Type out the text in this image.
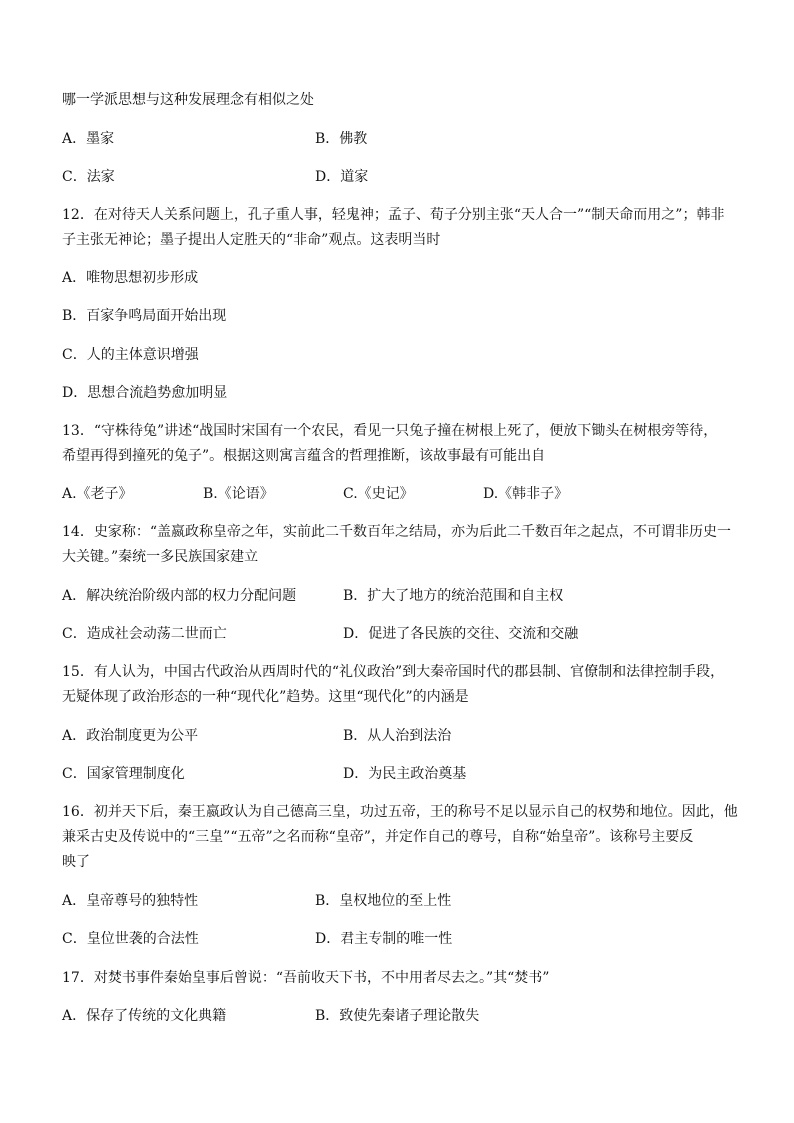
哪一学派思想与这种发展理念有相似之处
A．墨家	B．佛教
C．法家	D．道家
12．在对待天人关系问题上，孔子重人事，轻鬼神；孟子、荀子分别主张“天人合一”“制天命而用之”；韩非
子主张无神论；墨子提出人定胜天的“非命”观点。这表明当时
A．唯物思想初步形成
B．百家争鸣局面开始出现
C．人的主体意识增强
D．思想合流趋势愈加明显
13．“守株待兔”讲述“战国时宋国有一个农民，看见一只兔子撞在树根上死了，便放下锄头在树根旁等待，
希望再得到撞死的兔子”。根据这则寓言蕴含的哲理推断，该故事最有可能出自
A.《老子》	B.《论语》	C.《史记》	D.《韩非子》
14．史家称：“盖嬴政称皇帝之年，实前此二千数百年之结局，亦为后此二千数百年之起点，不可谓非历史一
大关键。”秦统一多民族国家建立
A．解决统治阶级内部的权力分配问题	B．扩大了地方的统治范围和自主权
C．造成社会动荡二世而亡	D．促进了各民族的交往、交流和交融
15．有人认为，中国古代政治从西周时代的“礼仪政治”到大秦帝国时代的郡县制、官僚制和法律控制手段，
无疑体现了政治形态的一种“现代化”趋势。这里“现代化”的内涵是
A．政治制度更为公平	B．从人治到法治
C．国家管理制度化	D．为民主政治奠基
16．初并天下后，秦王嬴政认为自己德高三皇，功过五帝，王的称号不足以显示自己的权势和地位。因此，他
兼采古史及传说中的“三皇”“五帝”之名而称“皇帝”，并定作自己的尊号，自称“始皇帝”。该称号主要反
映了
A．皇帝尊号的独特性	B．皇权地位的至上性
C．皇位世袭的合法性	D．君主专制的唯一性
17．对焚书事件秦始皇事后曾说：“吾前收天下书，不中用者尽去之。”其“焚书”
A．保存了传统的文化典籍	B．致使先秦诸子理论散失
